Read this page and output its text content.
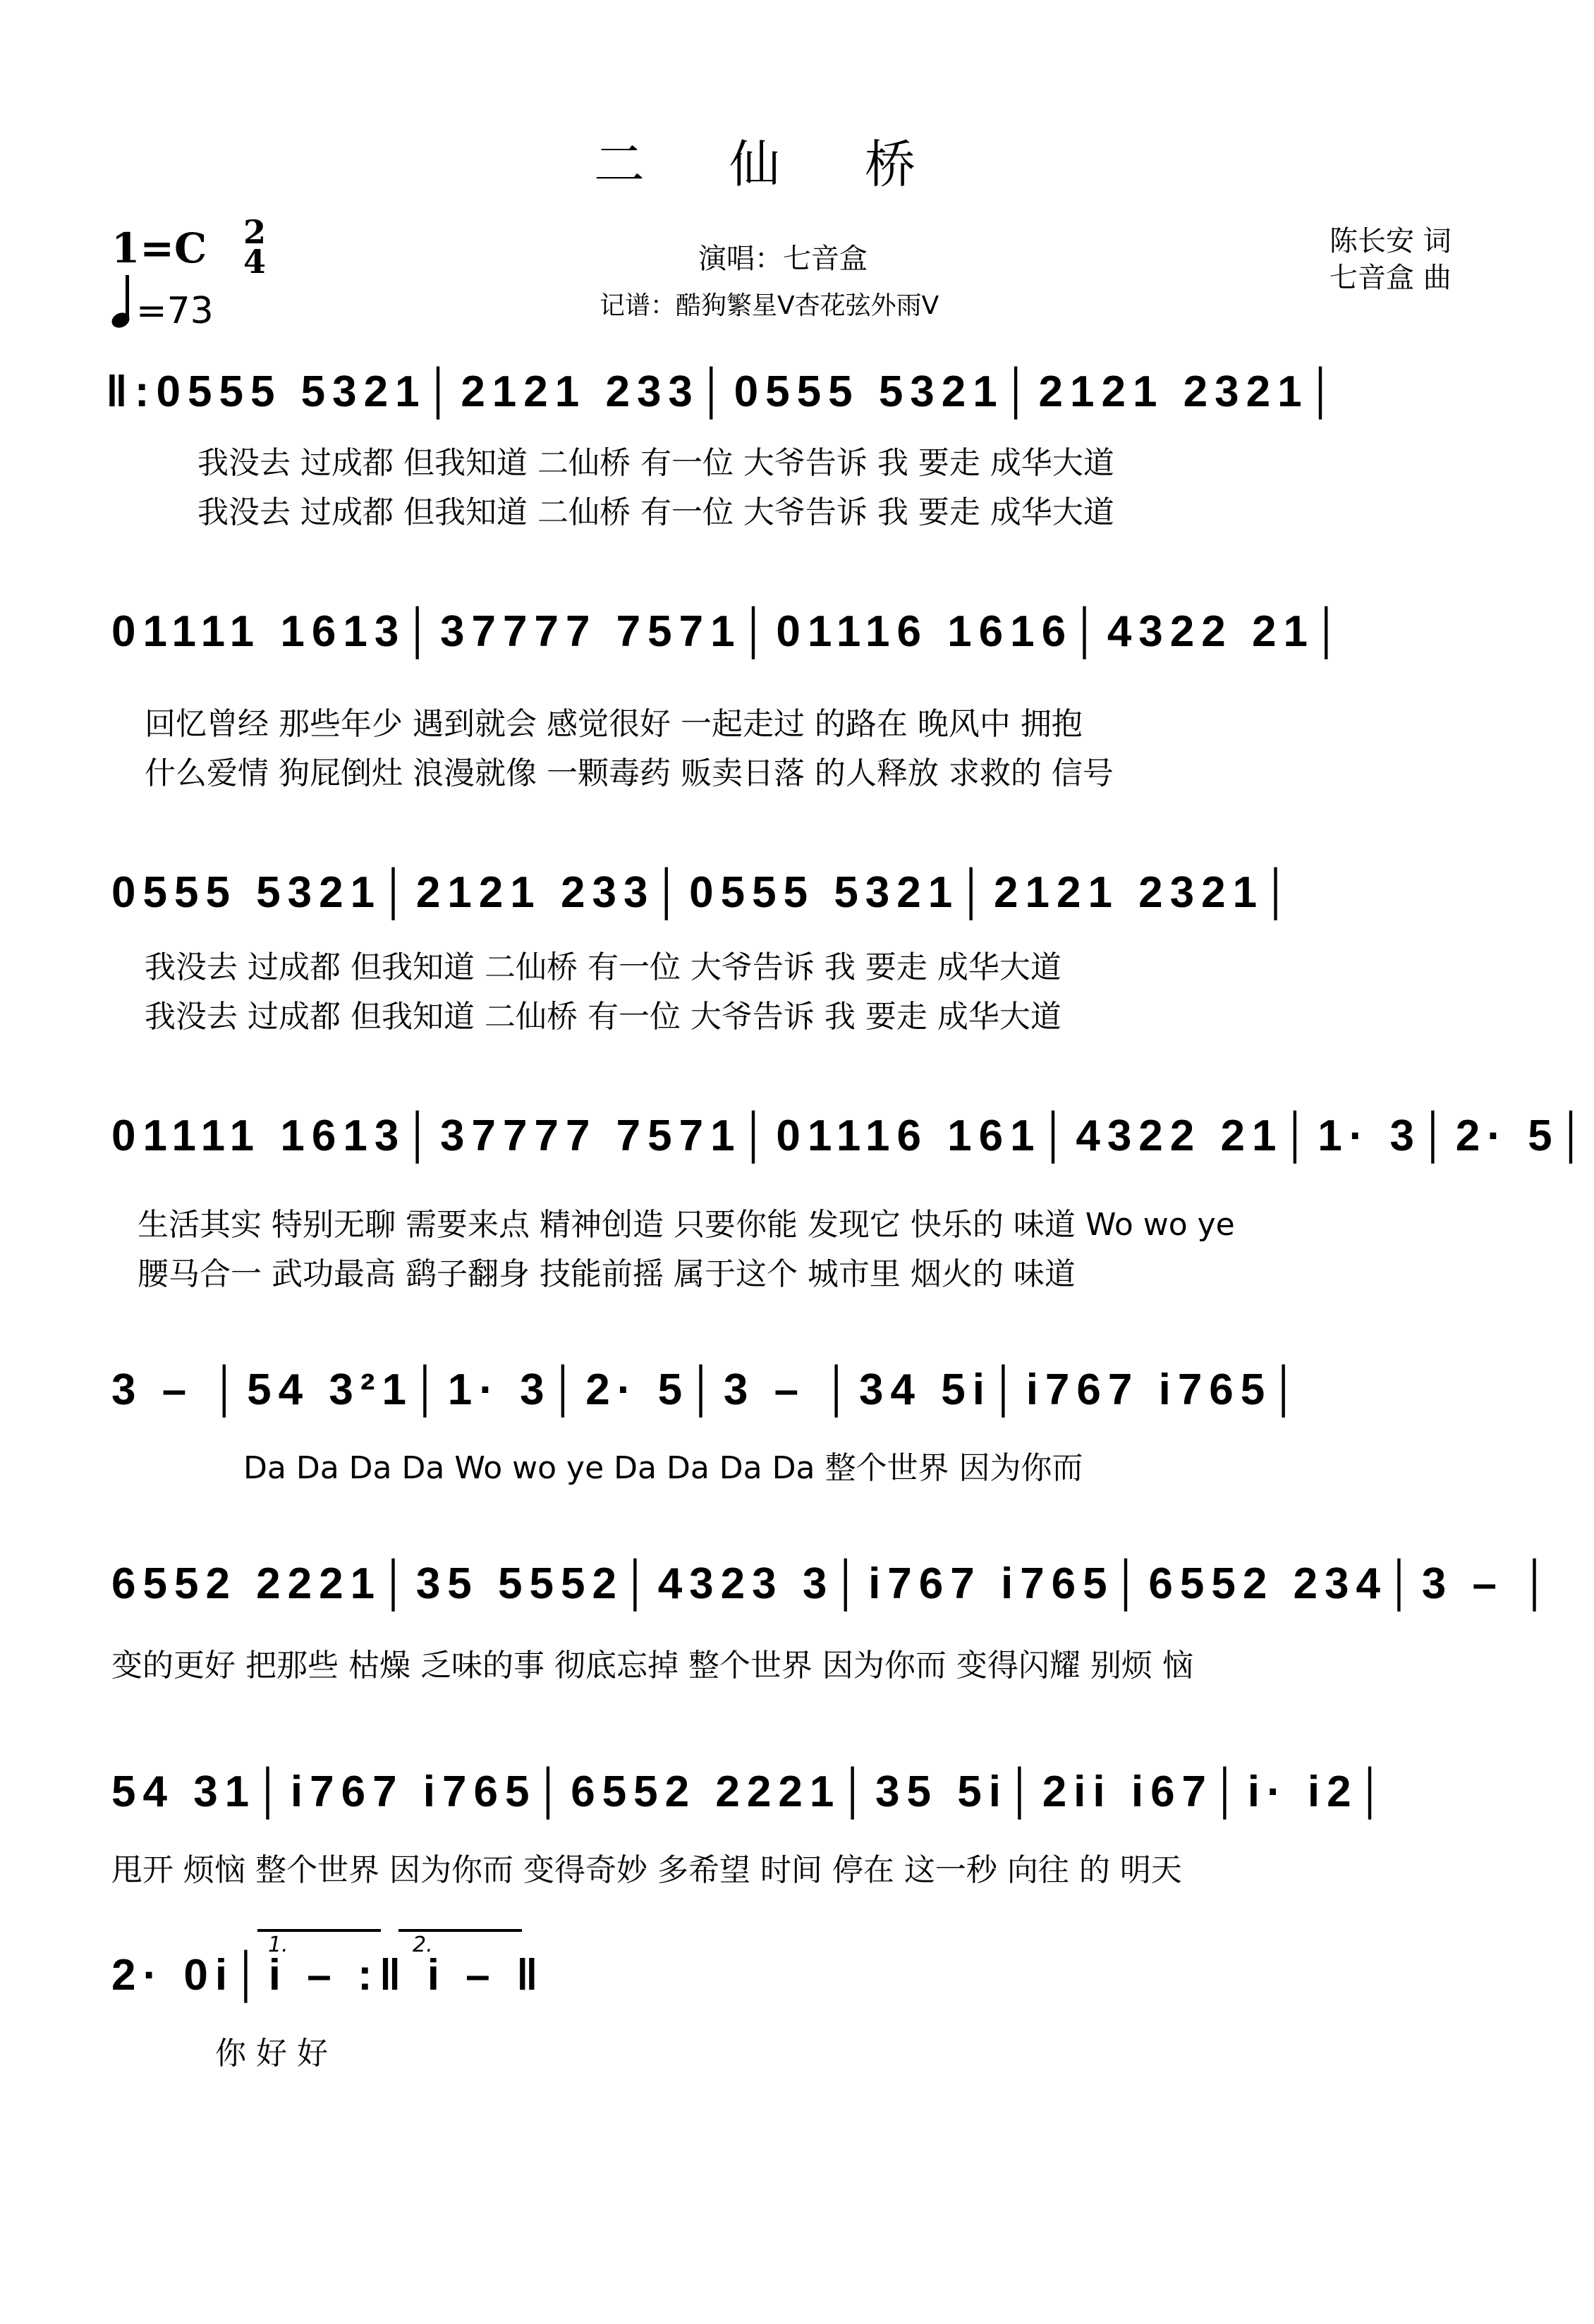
二仙桥
1=C 2
4
=73
演唱：七音盒
记谱：酷狗繁星V杏花弦外雨V
陈长安 词
七音盒 曲
‖:0555 5321│2121 233│0555 5321│2121 2321│
我没去 过成都 但我知道 二仙桥 有一位 大爷告诉 我 要走 成华大道
我没去 过成都 但我知道 二仙桥 有一位 大爷告诉 我 要走 成华大道
01111 1613│37777 7571│01116 1616│4322 21│
回忆曾经 那些年少 遇到就会 感觉很好 一起走过 的路在 晚风中 拥抱
什么爱情 狗屁倒灶 浪漫就像 一颗毒药 贩卖日落 的人释放 求救的 信号
0555 5321│2121 233│0555 5321│2121 2321│
我没去 过成都 但我知道 二仙桥 有一位 大爷告诉 我 要走 成华大道
我没去 过成都 但我知道 二仙桥 有一位 大爷告诉 我 要走 成华大道
01111 1613│37777 7571│01116 161│4322 21│1· 3│2· 5│
生活其实 特别无聊 需要来点 精神创造 只要你能 发现它 快乐的 味道 Wo wo ye
腰马合一 武功最高 鹞子翻身 技能前摇 属于这个 城市里 烟火的 味道
3 – │54 3²1│1· 3│2· 5│3 – │34 5i│i767 i765│
Da Da Da Da Wo wo ye Da Da Da Da 整个世界 因为你而
6552 2221│35 5552│4323 3│i767 i765│6552 234│3 – │
变的更好 把那些 枯燥 乏味的事 彻底忘掉 整个世界 因为你而 变得闪耀 别烦 恼
54 31│i767 i765│6552 2221│35 5i│2ii i67│i· i2│
甩开 烦恼 整个世界 因为你而 变得奇妙 多希望 时间 停在 这一秒 向往 的 明天
1.	2.
2· 0i│i – :‖ i – ‖
你 好 好
